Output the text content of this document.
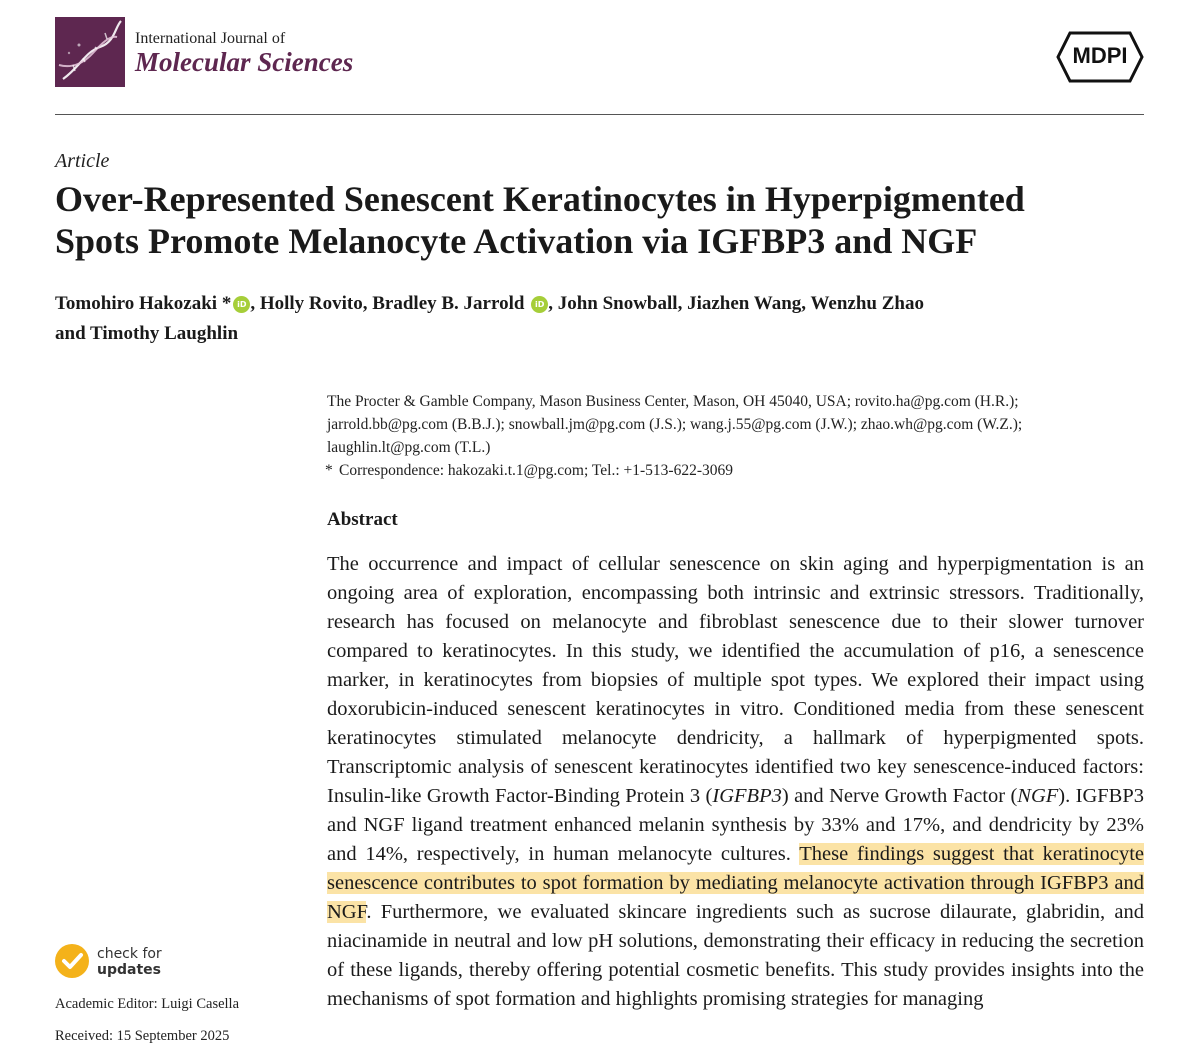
International Journal of
Molecular Sciences	MDPI
Article
Over-Represented Senescent Keratinocytes in Hyperpigmented
Spots Promote Melanocyte Activation via IGFBP3 and NGF
Tomohiro Hakozaki * iD , Holly Rovito, Bradley B. Jarrold iD , John Snowball, Jiazhen Wang, Wenzhu Zhao
and Timothy Laughlin
The Procter & Gamble Company, Mason Business Center, Mason, OH 45040, USA; rovito.ha@pg.com (H.R.);
jarrold.bb@pg.com (B.B.J.); snowball.jm@pg.com (J.S.); wang.j.55@pg.com (J.W.); zhao.wh@pg.com (W.Z.);
laughlin.lt@pg.com (T.L.)
* Correspondence: hakozaki.t.1@pg.com; Tel.: +1-513-622-3069
Abstract
The occurrence and impact of cellular senescence on skin aging and hyperpigmentation is an ongoing area of exploration, encompassing both intrinsic and extrinsic stressors. Traditionally, research has focused on melanocyte and fibroblast senescence due to their slower turnover compared to keratinocytes. In this study, we identified the accumulation of p16, a senescence marker, in keratinocytes from biopsies of multiple spot types. We explored their impact using doxorubicin-induced senescent keratinocytes in vitro. Conditioned media from these senescent keratinocytes stimulated melanocyte dendricity, a hallmark of hyperpigmented spots. Transcriptomic analysis of senescent keratinocytes identified two key senescence-induced factors: Insulin-like Growth Factor-Binding Protein 3 (IGFBP3) and Nerve Growth Factor (NGF). IGFBP3 and NGF ligand treatment enhanced melanin synthesis by 33% and 17%, and dendricity by 23% and 14%, respectively, in human melanocyte cultures. These findings suggest that keratinocyte senescence contributes to spot formation by mediating melanocyte activation through IGFBP3 and NGF. Furthermore, we evaluated skincare ingredients such as sucrose dilaurate, glabridin, and niacinamide in neutral and low pH solutions, demonstrating their efficacy in reducing the secretion of these ligands, thereby offering potential cosmetic benefits. This study provides insights into the mechanisms of spot formation and highlights promising strategies for managing
check for
updates
Academic Editor: Luigi Casella
Received: 15 September 2025
